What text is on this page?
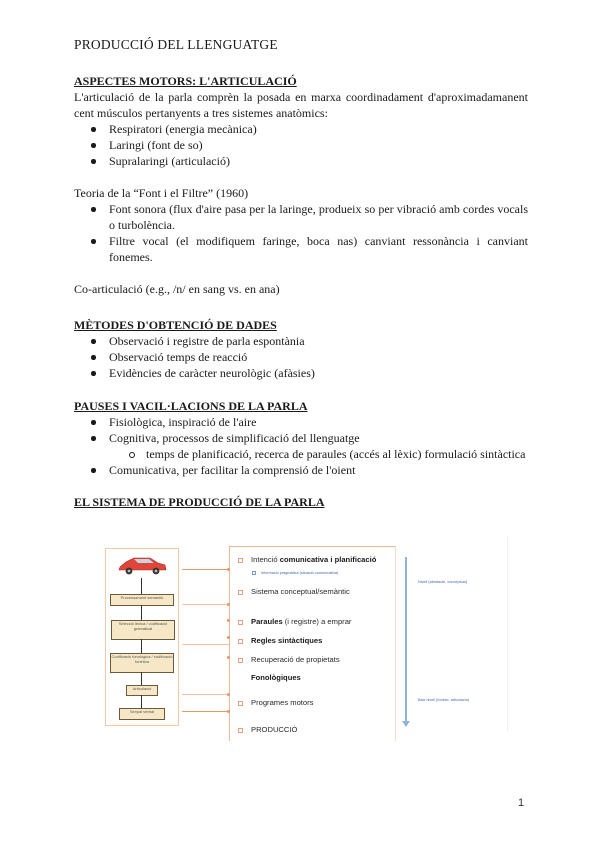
PRODUCCIÓ DEL LLENGUATGE
ASPECTES MOTORS: L'ARTICULACIÓ
L'articulació de la parla comprèn la posada en marxa coordinadament d'aproximadamanent cent músculos pertanyents a tres sistemes anatòmics:
Respiratori (energia mecànica)
Laringi (font de so)
Supralaringi (articulació)
Teoria de la “Font i el Filtre” (1960)
Font sonora (flux d'aire pasa per la laringe, produeix so per vibració amb cordes vocals o turbolència.
Filtre vocal (el modifiquem faringe, boca nas) canviant ressonància i canviant fonemes.
Co-articulació (e.g., /n/ en sang vs. en ana)
MÈTODES D'OBTENCIÓ DE DADES
Observació i registre de parla espontània
Observació temps de reacció
Evidències de caràcter neurològic (afàsies)
PAUSES I VACIL·LACIONS DE LA PARLA
Fisiològica, inspiració de l'aire
Cognitiva, processos de simplificació del llenguatge
temps de planificació, recerca de paraules (accés al lèxic) formulació sintàctica
Comunicativa, per facilitar la comprensió de l'oient
EL SISTEMA DE PRODUCCIÓ DE LA PARLA
Processament semàntic
Selecció lèxica / codificació gramatical
Codificació fonològica / codificació fonètica
Articulació
Senyal verbal
Intenció comunicativa i planificació
Informació pragmàtica (situació comunicativa)
Sistema conceptual/semàntic
Paraules (i registre) a emprar
Regles sintàctiques
Recuperació de propietats
Fonològiques
Programes motors
PRODUCCIÓ
Nivell (abstracte, conceptual)
Baix nivell (fonètic, articulació)
1
